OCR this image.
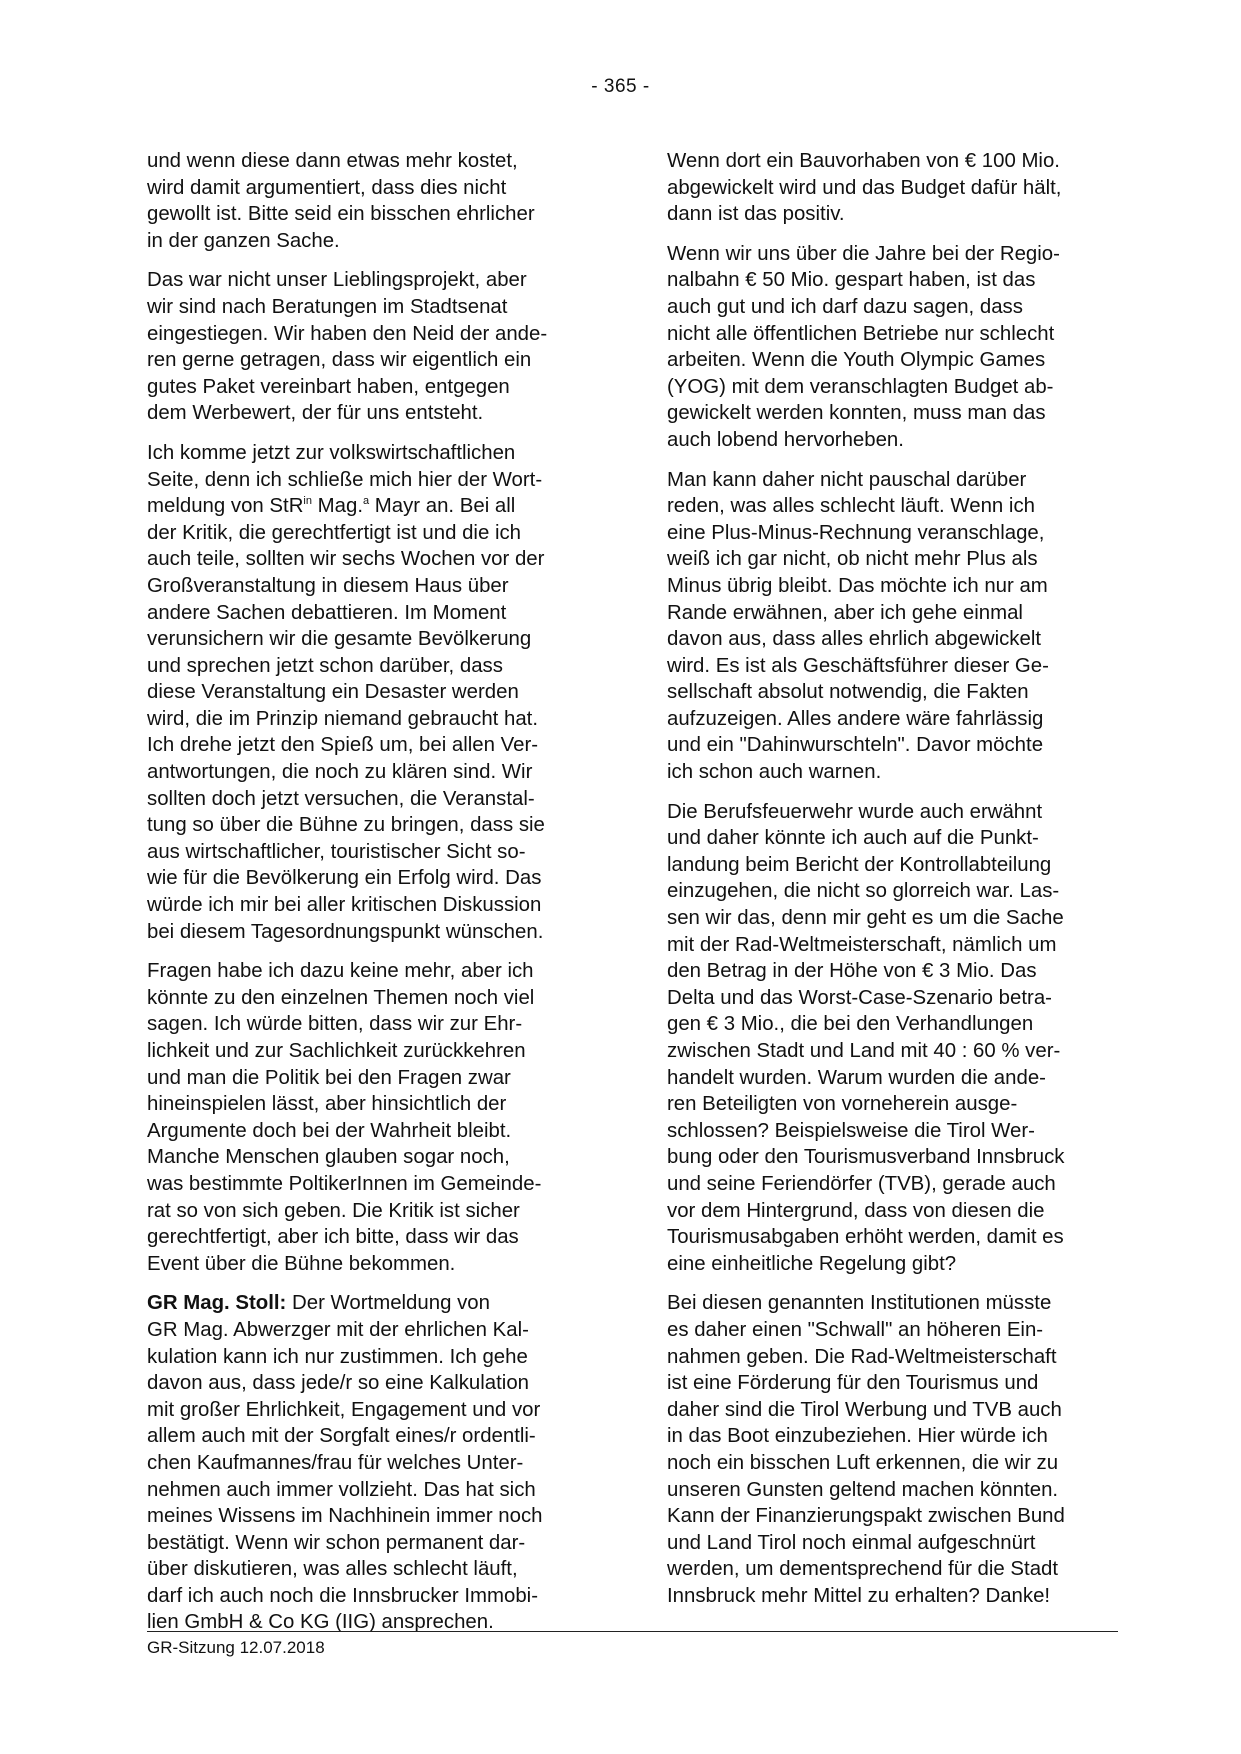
- 365 -

und wenn diese dann etwas mehr kostet,
wird damit argumentiert, dass dies nicht
gewollt ist. Bitte seid ein bisschen ehrlicher
in der ganzen Sache.

Das war nicht unser Lieblingsprojekt, aber
wir sind nach Beratungen im Stadtsenat
eingestiegen. Wir haben den Neid der ande-
ren gerne getragen, dass wir eigentlich ein
gutes Paket vereinbart haben, entgegen
dem Werbewert, der für uns entsteht.

Ich komme jetzt zur volkswirtschaftlichen
Seite, denn ich schließe mich hier der Wort-
meldung von StR$^{in}$ Mag.$^a$ Mayr an. Bei all
der Kritik, die gerechtfertigt ist und die ich
auch teile, sollten wir sechs Wochen vor der
Großveranstaltung in diesem Haus über
andere Sachen debattieren. Im Moment
verunsichern wir die gesamte Bevölkerung
und sprechen jetzt schon darüber, dass
diese Veranstaltung ein Desaster werden
wird, die im Prinzip niemand gebraucht hat.
Ich drehe jetzt den Spieß um, bei allen Ver-
antwortungen, die noch zu klären sind. Wir
sollten doch jetzt versuchen, die Veranstal-
tung so über die Bühne zu bringen, dass sie
aus wirtschaftlicher, touristischer Sicht so-
wie für die Bevölkerung ein Erfolg wird. Das
würde ich mir bei aller kritischen Diskussion
bei diesem Tagesordnungspunkt wünschen.

Fragen habe ich dazu keine mehr, aber ich
könnte zu den einzelnen Themen noch viel
sagen. Ich würde bitten, dass wir zur Ehr-
lichkeit und zur Sachlichkeit zurückkehren
und man die Politik bei den Fragen zwar
hineinspielen lässt, aber hinsichtlich der
Argumente doch bei der Wahrheit bleibt.
Manche Menschen glauben sogar noch,
was bestimmte PoltikerInnen im Gemeinde-
rat so von sich geben. Die Kritik ist sicher
gerechtfertigt, aber ich bitte, dass wir das
Event über die Bühne bekommen.

GR Mag. Stoll: Der Wortmeldung von
GR Mag. Abwerzger mit der ehrlichen Kal-
kulation kann ich nur zustimmen. Ich gehe
davon aus, dass jede/r so eine Kalkulation
mit großer Ehrlichkeit, Engagement und vor
allem auch mit der Sorgfalt eines/r ordentli-
chen Kaufmannes/frau für welches Unter-
nehmen auch immer vollzieht. Das hat sich
meines Wissens im Nachhinein immer noch
bestätigt. Wenn wir schon permanent dar-
über diskutieren, was alles schlecht läuft,
darf ich auch noch die Innsbrucker Immobi-
lien GmbH & Co KG (IIG) ansprechen.

Wenn dort ein Bauvorhaben von € 100 Mio.
abgewickelt wird und das Budget dafür hält,
dann ist das positiv.

Wenn wir uns über die Jahre bei der Regio-
nalbahn € 50 Mio. gespart haben, ist das
auch gut und ich darf dazu sagen, dass
nicht alle öffentlichen Betriebe nur schlecht
arbeiten. Wenn die Youth Olympic Games
(YOG) mit dem veranschlagten Budget ab-
gewickelt werden konnten, muss man das
auch lobend hervorheben.

Man kann daher nicht pauschal darüber
reden, was alles schlecht läuft. Wenn ich
eine Plus-Minus-Rechnung veranschlage,
weiß ich gar nicht, ob nicht mehr Plus als
Minus übrig bleibt. Das möchte ich nur am
Rande erwähnen, aber ich gehe einmal
davon aus, dass alles ehrlich abgewickelt
wird. Es ist als Geschäftsführer dieser Ge-
sellschaft absolut notwendig, die Fakten
aufzuzeigen. Alles andere wäre fahrlässig
und ein "Dahinwurschteln". Davor möchte
ich schon auch warnen.

Die Berufsfeuerwehr wurde auch erwähnt
und daher könnte ich auch auf die Punkt-
landung beim Bericht der Kontrollabteilung
einzugehen, die nicht so glorreich war. Las-
sen wir das, denn mir geht es um die Sache
mit der Rad-Weltmeisterschaft, nämlich um
den Betrag in der Höhe von € 3 Mio. Das
Delta und das Worst-Case-Szenario betra-
gen € 3 Mio., die bei den Verhandlungen
zwischen Stadt und Land mit 40 : 60 % ver-
handelt wurden. Warum wurden die ande-
ren Beteiligten von vorneherein ausge-
schlossen? Beispielsweise die Tirol Wer-
bung oder den Tourismusverband Innsbruck
und seine Feriendörfer (TVB), gerade auch
vor dem Hintergrund, dass von diesen die
Tourismusabgaben erhöht werden, damit es
eine einheitliche Regelung gibt?

Bei diesen genannten Institutionen müsste
es daher einen "Schwall" an höheren Ein-
nahmen geben. Die Rad-Weltmeisterschaft
ist eine Förderung für den Tourismus und
daher sind die Tirol Werbung und TVB auch
in das Boot einzubeziehen. Hier würde ich
noch ein bisschen Luft erkennen, die wir zu
unseren Gunsten geltend machen könnten.
Kann der Finanzierungspakt zwischen Bund
und Land Tirol noch einmal aufgeschnürt
werden, um dementsprechend für die Stadt
Innsbruck mehr Mittel zu erhalten? Danke!

GR-Sitzung 12.07.2018
